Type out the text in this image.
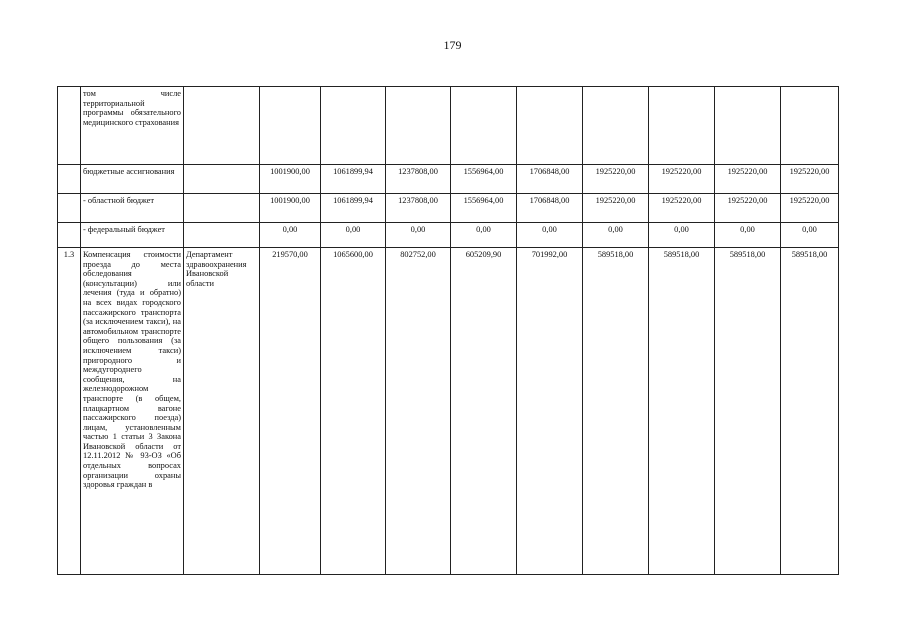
179

	том числе территориальной программы обязательного медицинского страхования										

	бюджетные ассигнования		1001900,00	1061899,94	1237808,00	1556964,00	1706848,00	1925220,00	1925220,00	1925220,00	1925220,00

	- областной бюджет		1001900,00	1061899,94	1237808,00	1556964,00	1706848,00	1925220,00	1925220,00	1925220,00	1925220,00

	- федеральный бюджет		0,00	0,00	0,00	0,00	0,00	0,00	0,00	0,00	0,00
1.3	Компенсация стоимости проезда до места обследования (консультации) или лечения (туда и обратно) на всех видах городского пассажирского транспорта (за исключением такси), на автомобильном транспорте общего пользования (за исключением такси) пригородного и междугороднего сообщения, на железнодорожном транспорте (в общем, плацкартном вагоне пассажирского поезда) лицам, установленным частью 1 статьи 3 Закона Ивановской области от 12.11.2012 № 93-ОЗ «Об отдельных вопросах организации охраны здоровья граждан в	Департамент здравоохранения Ивановской области	219570,00	1065600,00	802752,00	605209,90	701992,00	589518,00	589518,00	589518,00	589518,00
